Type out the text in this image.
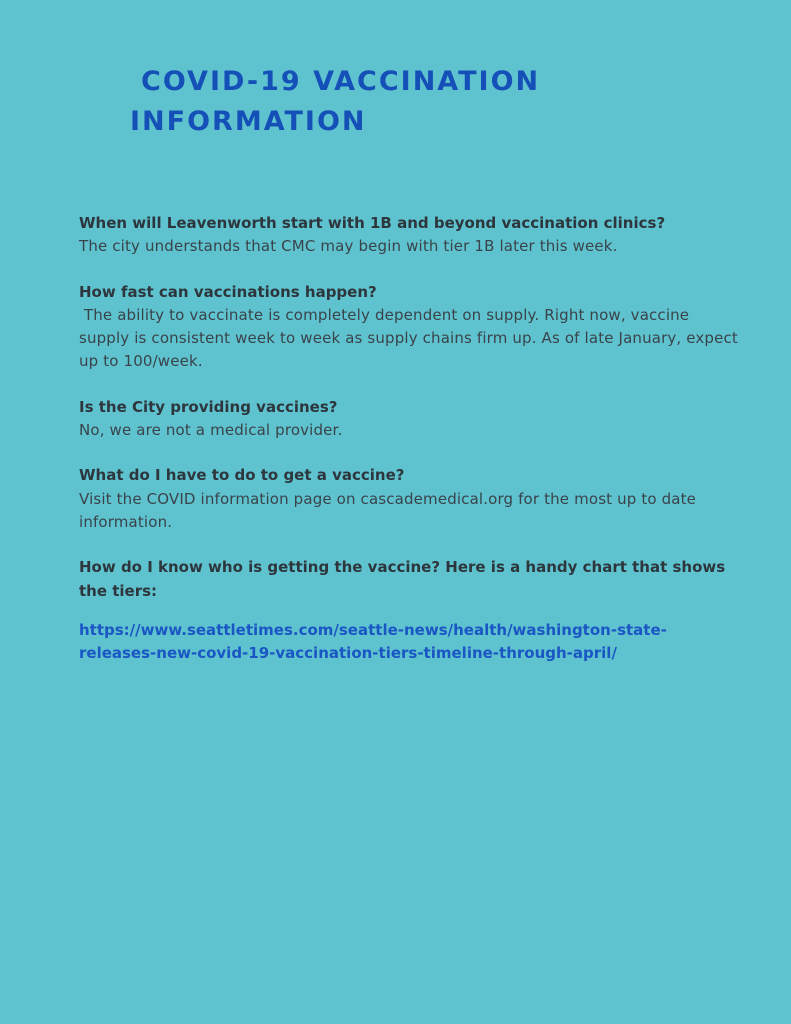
COVID-19 VACCINATION
INFORMATION
When will Leavenworth start with 1B and beyond vaccination clinics?
The city understands that CMC may begin with tier 1B later this week.
How fast can vaccinations happen?
The ability to vaccinate is completely dependent on supply. Right now, vaccine supply is consistent week to week as supply chains firm up. As of late January, expect up to 100/week.
Is the City providing vaccines?
No, we are not a medical provider.
What do I have to do to get a vaccine?
Visit the COVID information page on cascademedical.org for the most up to date information.
How do I know who is getting the vaccine? Here is a handy chart that shows the tiers:
https://www.seattletimes.com/seattle-news/health/washington-state-
releases-new-covid-19-vaccination-tiers-timeline-through-april/
